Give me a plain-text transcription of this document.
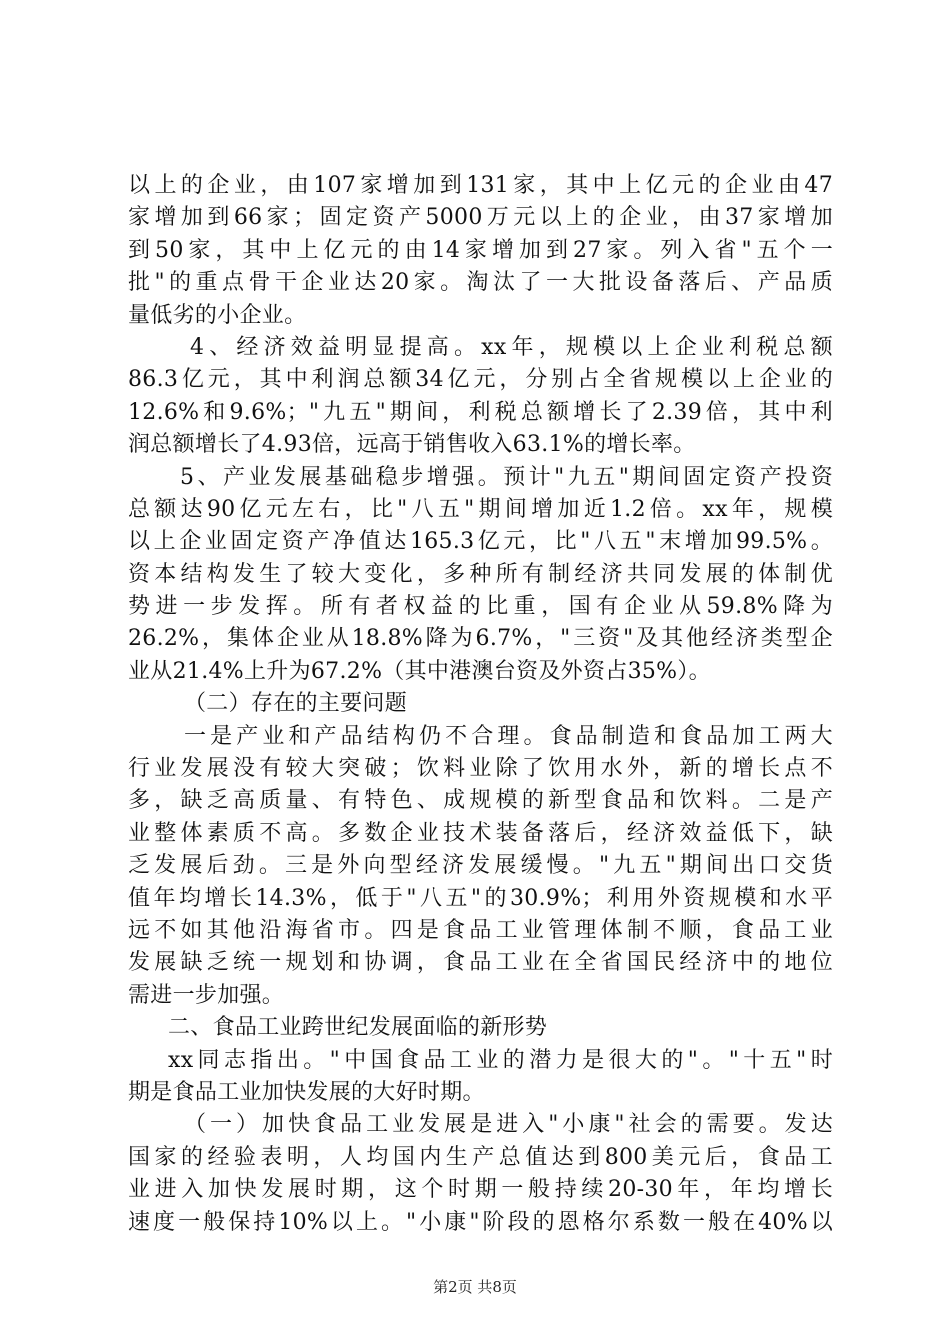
以上的企业，由107家增加到131家，其中上亿元的企业由47
家增加到66家；固定资产5000万元以上的企业，由37家增加
到50家，其中上亿元的由14家增加到27家。列入省"五个一
批"的重点骨干企业达20家。淘汰了一大批设备落后、产品质
量低劣的小企业。
4、经济效益明显提高。xx年，规模以上企业利税总额
86.3亿元，其中利润总额34亿元，分别占全省规模以上企业的
12.6%和9.6%；"九五"期间，利税总额增长了2.39倍，其中利
润总额增长了4.93倍，远高于销售收入63.1%的增长率。
5、产业发展基础稳步增强。预计"九五"期间固定资产投资
总额达90亿元左右，比"八五"期间增加近1.2倍。xx年，规模
以上企业固定资产净值达165.3亿元，比"八五"末增加99.5%。
资本结构发生了较大变化，多种所有制经济共同发展的体制优
势进一步发挥。所有者权益的比重，国有企业从59.8%降为
26.2%，集体企业从18.8%降为6.7%，"三资"及其他经济类型企
业从21.4%上升为67.2%（其中港澳台资及外资占35%）。
（二）存在的主要问题
一是产业和产品结构仍不合理。食品制造和食品加工两大
行业发展没有较大突破；饮料业除了饮用水外，新的增长点不
多，缺乏高质量、有特色、成规模的新型食品和饮料。二是产
业整体素质不高。多数企业技术装备落后，经济效益低下，缺
乏发展后劲。三是外向型经济发展缓慢。"九五"期间出口交货
值年均增长14.3%，低于"八五"的30.9%；利用外资规模和水平
远不如其他沿海省市。四是食品工业管理体制不顺，食品工业
发展缺乏统一规划和协调，食品工业在全省国民经济中的地位
需进一步加强。
二、食品工业跨世纪发展面临的新形势
xx同志指出。"中国食品工业的潜力是很大的"。"十五"时
期是食品工业加快发展的大好时期。
（一）加快食品工业发展是进入"小康"社会的需要。发达
国家的经验表明，人均国内生产总值达到800美元后，食品工
业进入加快发展时期，这个时期一般持续20-30年，年均增长
速度一般保持10%以上。"小康"阶段的恩格尔系数一般在40%以
第2页 共8页
